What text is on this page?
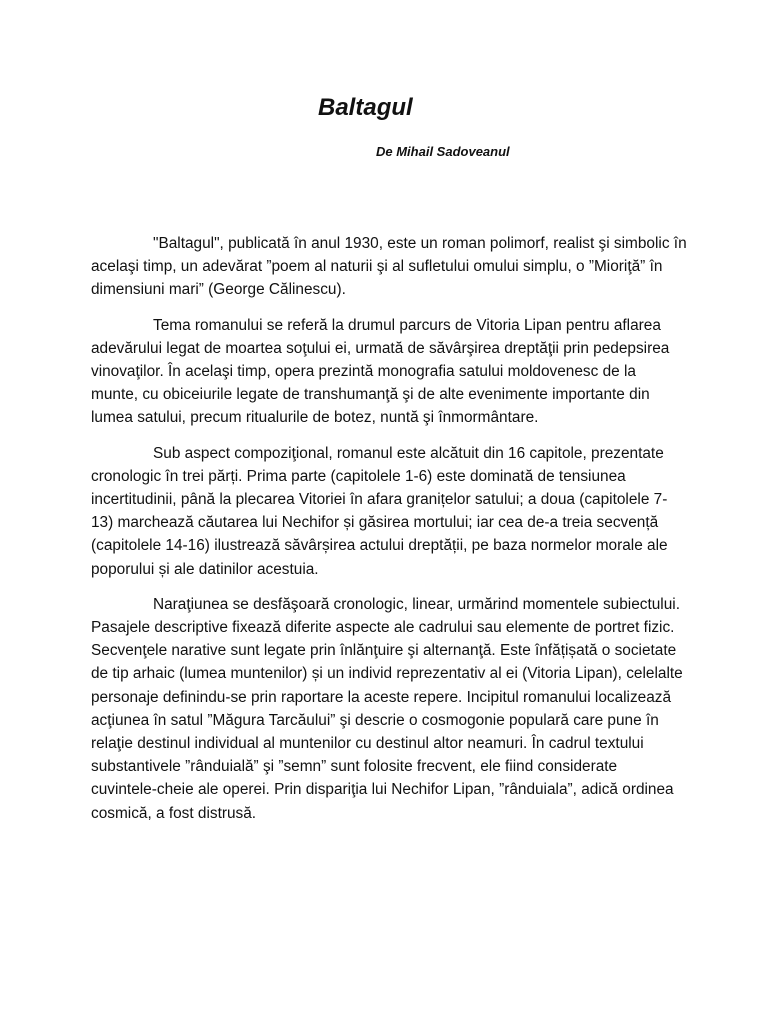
Baltagul

De Mihail Sadoveanul

"Baltagul", publicată în anul 1930, este un roman polimorf, realist şi simbolic în acelaşi timp, un adevărat ”poem al naturii şi al sufletului omului simplu, o ”Mioriţă” în dimensiuni mari” (George Călinescu).

Tema romanului se referă la drumul parcurs de Vitoria Lipan pentru aflarea adevărului legat de moartea soţului ei, urmată de săvârşirea dreptăţii prin pedepsirea vinovaţilor. În acelaşi timp, opera prezintă monografia satului moldovenesc de la munte, cu obiceiurile legate de transhumanţă şi de alte evenimente importante din lumea satului, precum ritualurile de botez, nuntă şi înmormântare.

Sub aspect compoziţional, romanul este alcătuit din 16 capitole, prezentate cronologic în trei părți. Prima parte (capitolele 1-6) este dominată de tensiunea incertitudinii, până la plecarea Vitoriei în afara granițelor satului; a doua (capitolele 7-13) marchează căutarea lui Nechifor și găsirea mortului; iar cea de-a treia secvență (capitolele 14-16) ilustrează săvârșirea actului dreptății, pe baza normelor morale ale poporului și ale datinilor acestuia.

Naraţiunea se desfăşoară cronologic, linear, urmărind momentele subiectului. Pasajele descriptive fixează diferite aspecte ale cadrului sau elemente de portret fizic. Secvenţele narative sunt legate prin înlănţuire şi alternanţă. Este înfățișată o societate de tip arhaic (lumea muntenilor) și un individ reprezentativ al ei (Vitoria Lipan), celelalte personaje definindu-se prin raportare la aceste repere. Incipitul romanului localizează acţiunea în satul ”Măgura Tarcăului” şi descrie o cosmogonie populară care pune în relaţie destinul individual al muntenilor cu destinul altor neamuri. În cadrul textului substantivele ”rânduială” şi ”semn” sunt folosite frecvent, ele fiind considerate cuvintele-cheie ale operei. Prin dispariţia lui Nechifor Lipan, ”rânduiala”, adică ordinea cosmică, a fost distrusă.
